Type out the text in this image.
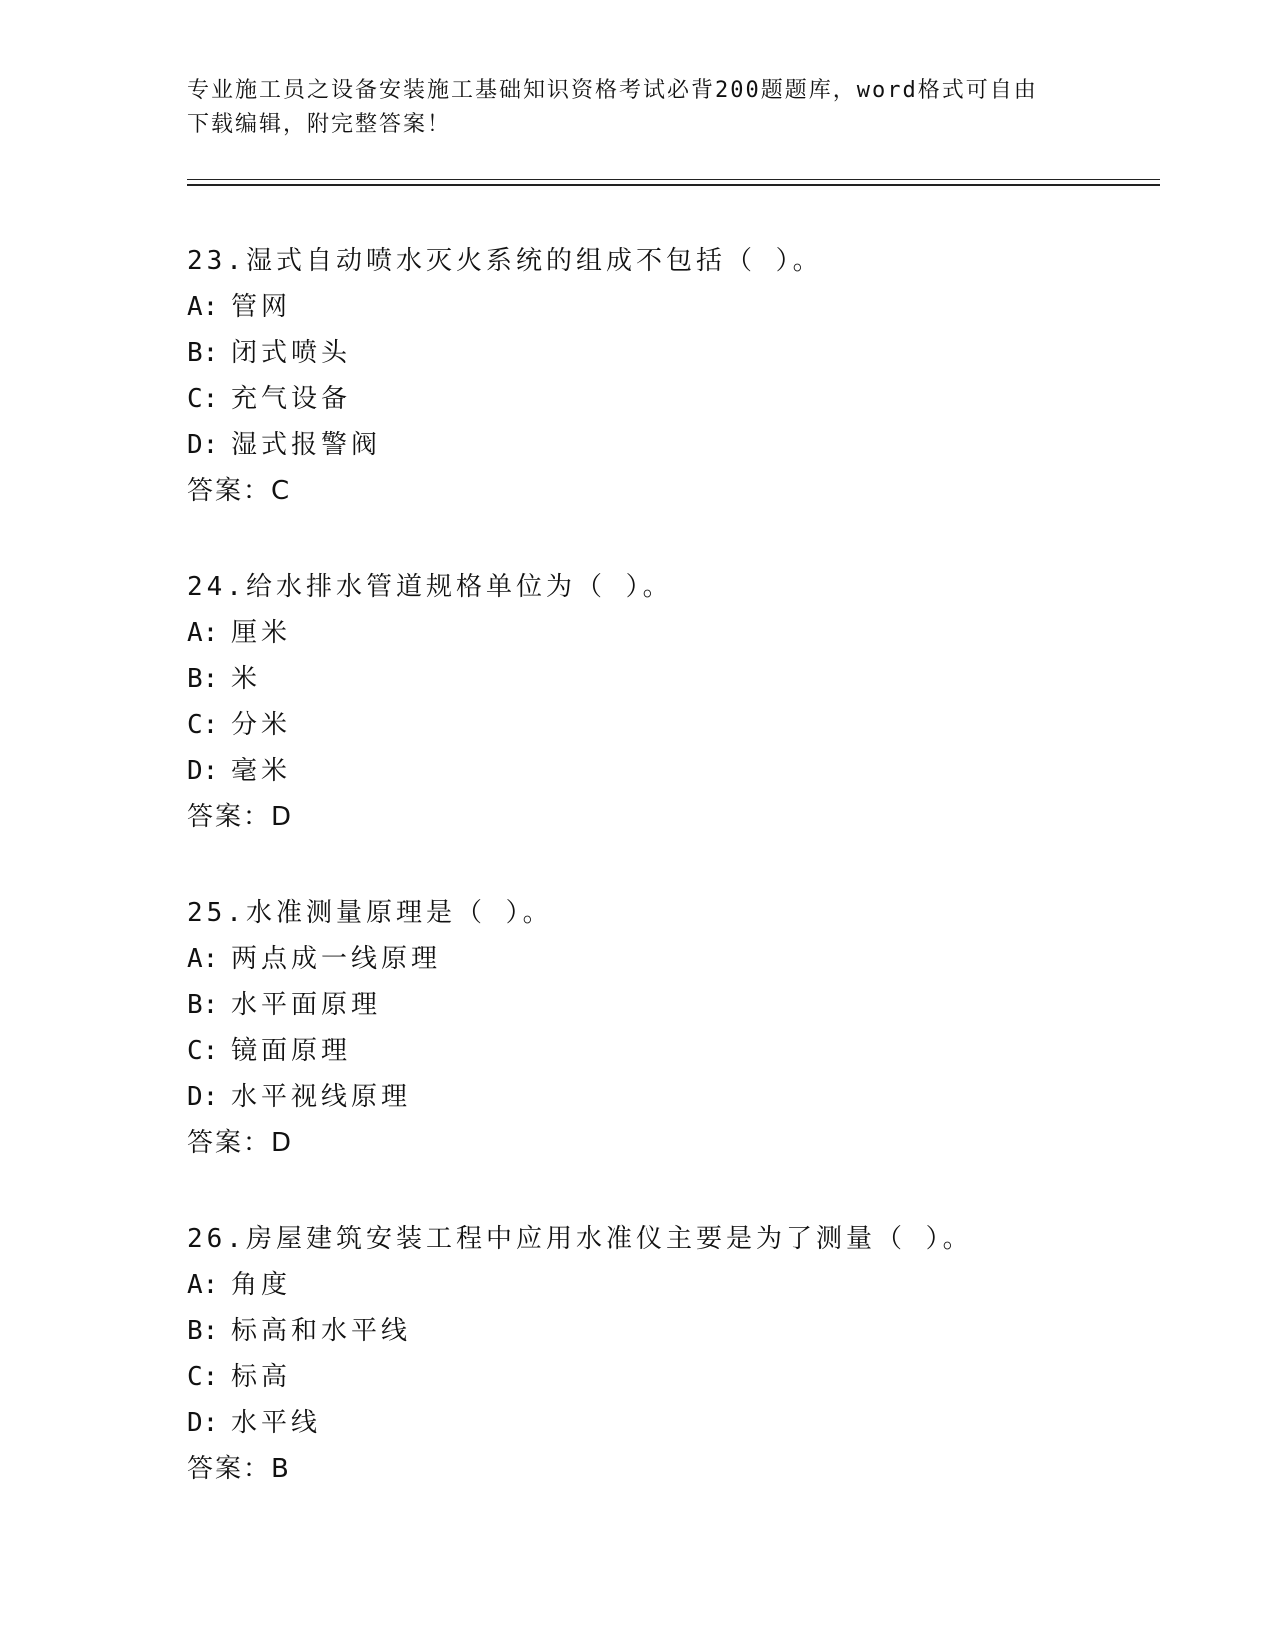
专业施工员之设备安装施工基础知识资格考试必背200题题库，word格式可自由
下载编辑，附完整答案！
23.湿式自动喷水灭火系统的组成不包括（ ）。
A: 管网
B: 闭式喷头
C: 充气设备
D: 湿式报警阀
答案：C
24.给水排水管道规格单位为（ ）。
A: 厘米
B: 米
C: 分米
D: 毫米
答案：D
25.水准测量原理是（ ）。
A: 两点成一线原理
B: 水平面原理
C: 镜面原理
D: 水平视线原理
答案：D
26.房屋建筑安装工程中应用水准仪主要是为了测量（ ）。
A: 角度
B: 标高和水平线
C: 标高
D: 水平线
答案：B
